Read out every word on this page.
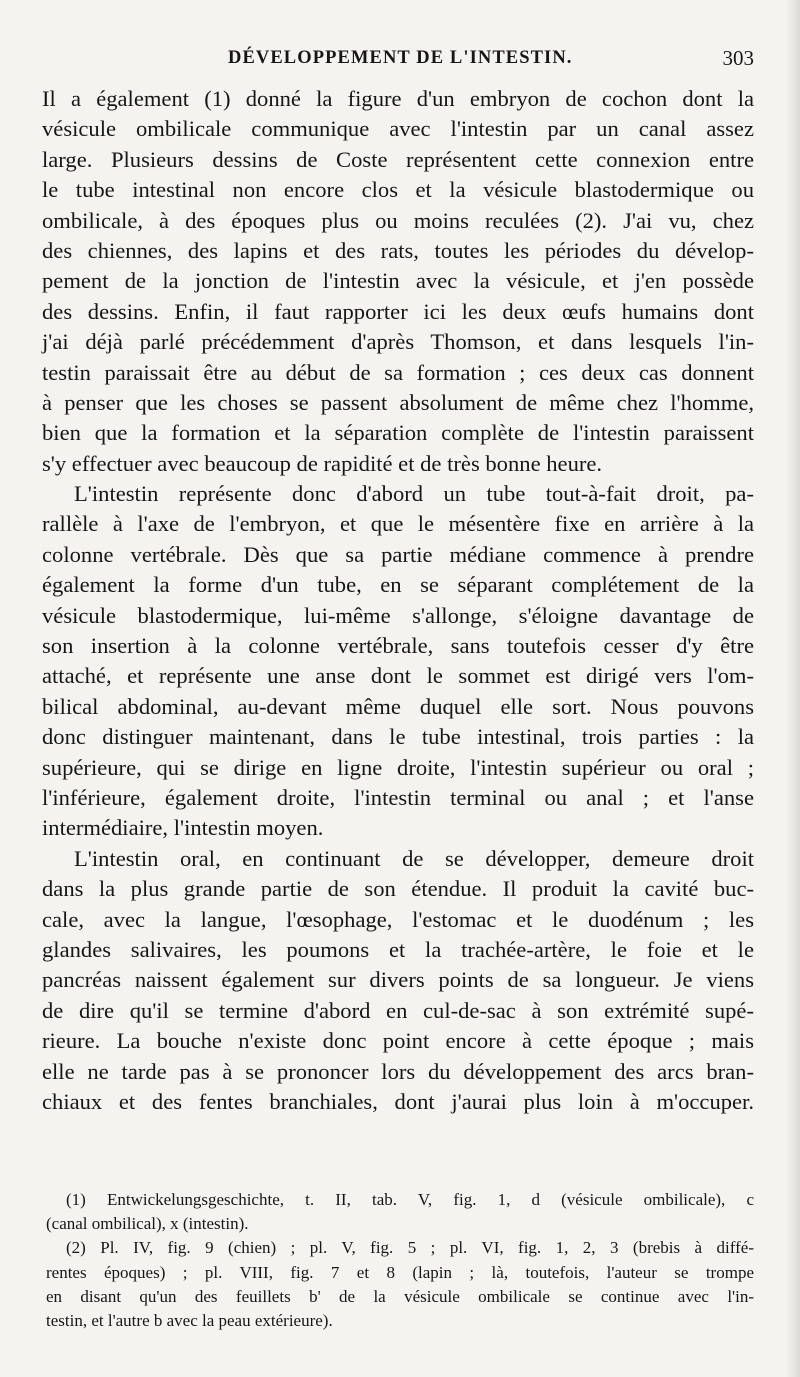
DÉVELOPPEMENT DE L'INTESTIN.	303
Il a également (1) donné la figure d'un embryon de cochon dont la
vésicule ombilicale communique avec l'intestin par un canal assez
large. Plusieurs dessins de Coste représentent cette connexion entre
le tube intestinal non encore clos et la vésicule blastodermique ou
ombilicale, à des époques plus ou moins reculées (2). J'ai vu, chez
des chiennes, des lapins et des rats, toutes les périodes du dévelop-
pement de la jonction de l'intestin avec la vésicule, et j'en possède
des dessins. Enfin, il faut rapporter ici les deux œufs humains dont
j'ai déjà parlé précédemment d'après Thomson, et dans lesquels l'in-
testin paraissait être au début de sa formation ; ces deux cas donnent
à penser que les choses se passent absolument de même chez l'homme,
bien que la formation et la séparation complète de l'intestin paraissent
s'y effectuer avec beaucoup de rapidité et de très bonne heure.
L'intestin représente donc d'abord un tube tout-à-fait droit, pa-
rallèle à l'axe de l'embryon, et que le mésentère fixe en arrière à la
colonne vertébrale. Dès que sa partie médiane commence à prendre
également la forme d'un tube, en se séparant complétement de la
vésicule blastodermique, lui-même s'allonge, s'éloigne davantage de
son insertion à la colonne vertébrale, sans toutefois cesser d'y être
attaché, et représente une anse dont le sommet est dirigé vers l'om-
bilical abdominal, au-devant même duquel elle sort. Nous pouvons
donc distinguer maintenant, dans le tube intestinal, trois parties : la
supérieure, qui se dirige en ligne droite, l'intestin supérieur ou oral ;
l'inférieure, également droite, l'intestin terminal ou anal ; et l'anse
intermédiaire, l'intestin moyen.
L'intestin oral, en continuant de se développer, demeure droit
dans la plus grande partie de son étendue. Il produit la cavité buc-
cale, avec la langue, l'œsophage, l'estomac et le duodénum ; les
glandes salivaires, les poumons et la trachée-artère, le foie et le
pancréas naissent également sur divers points de sa longueur. Je viens
de dire qu'il se termine d'abord en cul-de-sac à son extrémité supé-
rieure. La bouche n'existe donc point encore à cette époque ; mais
elle ne tarde pas à se prononcer lors du développement des arcs bran-
chiaux et des fentes branchiales, dont j'aurai plus loin à m'occuper.
(1) Entwickelungsgeschichte, t. II, tab. V, fig. 1, d (vésicule ombilicale), c
(canal ombilical), x (intestin).
(2) Pl. IV, fig. 9 (chien) ; pl. V, fig. 5 ; pl. VI, fig. 1, 2, 3 (brebis à diffé-
rentes époques) ; pl. VIII, fig. 7 et 8 (lapin ; là, toutefois, l'auteur se trompe
en disant qu'un des feuillets b' de la vésicule ombilicale se continue avec l'in-
testin, et l'autre b avec la peau extérieure).
